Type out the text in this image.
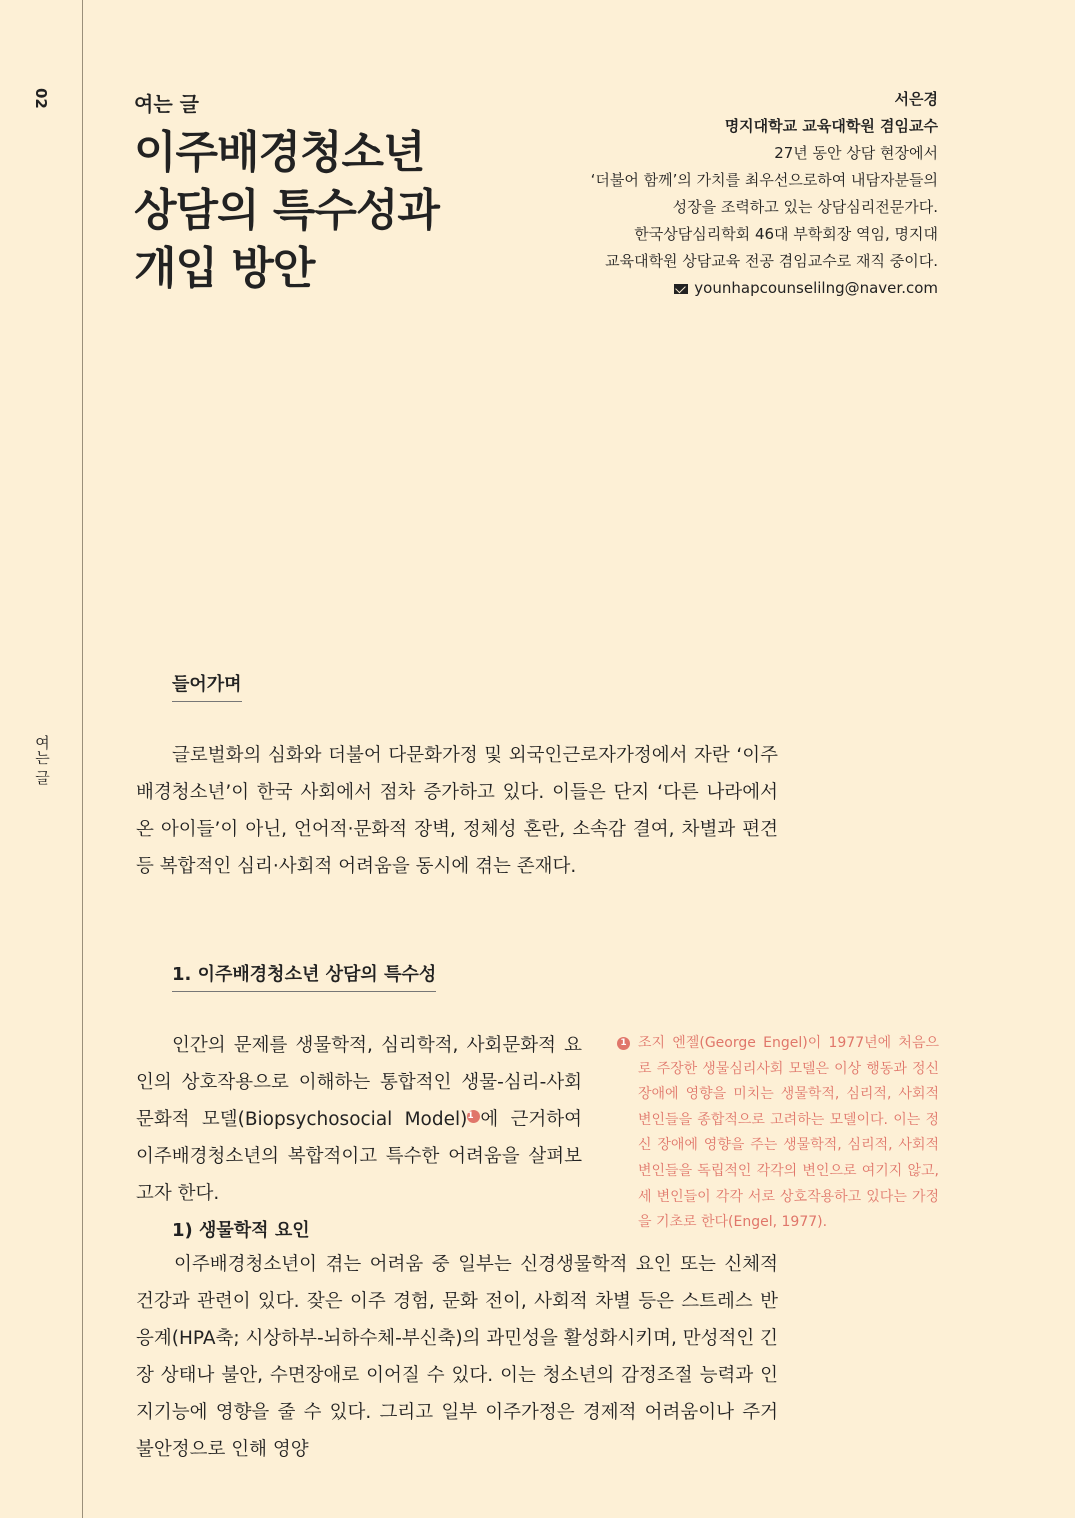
02
여는 글
여는 글
이주배경청소년
상담의 특수성과
개입 방안
서은경
명지대학교 교육대학원 겸임교수
27년 동안 상담 현장에서
‘더불어 함께’의 가치를 최우선으로하여 내담자분들의
성장을 조력하고 있는 상담심리전문가다.
한국상담심리학회 46대 부학회장 역임, 명지대
교육대학원 상담교육 전공 겸임교수로 재직 중이다.
younhapcounselilng@naver.com
들어가며
글로벌화의 심화와 더불어 다문화가정 및 외국인근로자가정에서 자란 ‘이주배경청소년’이 한국 사회에서 점차 증가하고 있다. 이들은 단지 ‘다른 나라에서 온 아이들’이 아닌, 언어적·문화적 장벽, 정체성 혼란, 소속감 결여, 차별과 편견 등 복합적인 심리·사회적 어려움을 동시에 겪는 존재다.
1. 이주배경청소년 상담의 특수성
인간의 문제를 생물학적, 심리학적, 사회문화적 요인의 상호작용으로 이해하는 통합적인 생물-심리-사회문화적 모델(Biopsychosocial Model)1 에 근거하여 이주배경청소년의 복합적이고 특수한 어려움을 살펴보고자 한다.
1 조지 엔젤(George Engel)이 1977년에 처음으로 주장한 생물심리사회 모델은 이상 행동과 정신 장애에 영향을 미치는 생물학적, 심리적, 사회적 변인들을 종합적으로 고려하는 모델이다. 이는 정신 장애에 영향을 주는 생물학적, 심리적, 사회적 변인들을 독립적인 각각의 변인으로 여기지 않고, 세 변인들이 각각 서로 상호작용하고 있다는 가정을 기초로 한다(Engel, 1977).
1) 생물학적 요인
이주배경청소년이 겪는 어려움 중 일부는 신경생물학적 요인 또는 신체적 건강과 관련이 있다. 잦은 이주 경험, 문화 전이, 사회적 차별 등은 스트레스 반응계(HPA축; 시상하부-뇌하수체-부신축)의 과민성을 활성화시키며, 만성적인 긴장 상태나 불안, 수면장애로 이어질 수 있다. 이는 청소년의 감정조절 능력과 인지기능에 영향을 줄 수 있다. 그리고 일부 이주가정은 경제적 어려움이나 주거 불안정으로 인해 영양
